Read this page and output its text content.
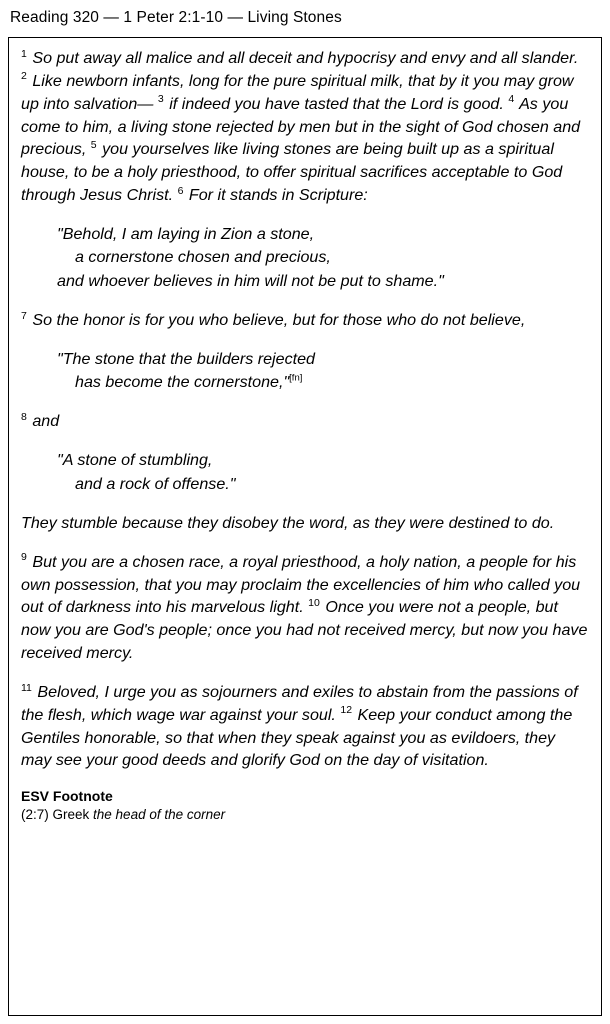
Reading 320 — 1 Peter 2:1-10 — Living Stones

$^1$ So put away all malice and all deceit and hypocrisy and envy and all slander. $^2$ Like newborn infants, long for the pure spiritual milk, that by it you may grow up into salvation— $^3$ if indeed you have tasted that the Lord is good. $^4$ As you come to him, a living stone rejected by men but in the sight of God chosen and precious, $^5$ you yourselves like living stones are being built up as a spiritual house, to be a holy priesthood, to offer spiritual sacrifices acceptable to God through Jesus Christ. $^6$ For it stands in Scripture:

"Behold, I am laying in Zion a stone,
a cornerstone chosen and precious,
and whoever believes in him will not be put to shame."

$^7$ So the honor is for you who believe, but for those who do not believe,

"The stone that the builders rejected
has become the cornerstone,"[fn]

$^8$ and

"A stone of stumbling,
and a rock of offense."

They stumble because they disobey the word, as they were destined to do.

$^9$ But you are a chosen race, a royal priesthood, a holy nation, a people for his own possession, that you may proclaim the excellencies of him who called you out of darkness into his marvelous light. $^{10}$ Once you were not a people, but now you are God's people; once you had not received mercy, but now you have received mercy.

$^{11}$ Beloved, I urge you as sojourners and exiles to abstain from the passions of the flesh, which wage war against your soul. $^{12}$ Keep your conduct among the Gentiles honorable, so that when they speak against you as evildoers, they may see your good deeds and glorify God on the day of visitation.

ESV Footnote

(2:7) Greek the head of the corner
